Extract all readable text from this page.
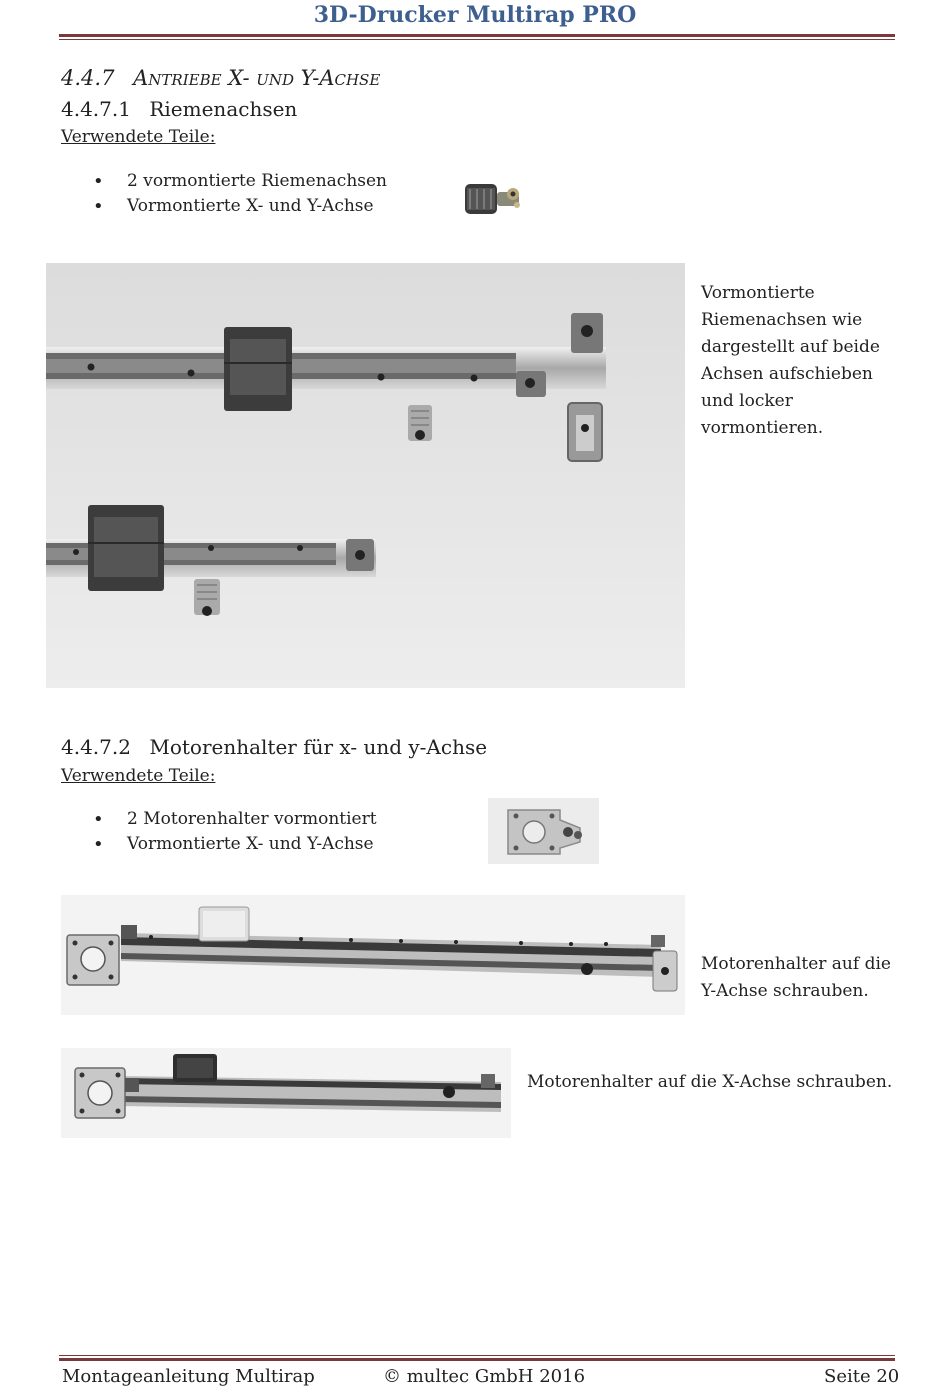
3D-Drucker Multirap PRO
4.4.7 Antriebe X- und Y-Achse
4.4.7.1 Riemenachsen
Verwendete Teile:
• 2 vormontierte Riemenachsen
• Vormontierte X- und Y-Achse
Vormontierte
Riemenachsen wie
dargestellt auf beide
Achsen aufschieben
und locker
vormontieren.
4.4.7.2 Motorenhalter für x- und y-Achse
Verwendete Teile:
• 2 Motorenhalter vormontiert
• Vormontierte X- und Y-Achse
Motorenhalter auf die
Y-Achse schrauben.
Motorenhalter auf die X-Achse schrauben.
Montageanleitung Multirap	© multec GmbH 2016	Seite 20
